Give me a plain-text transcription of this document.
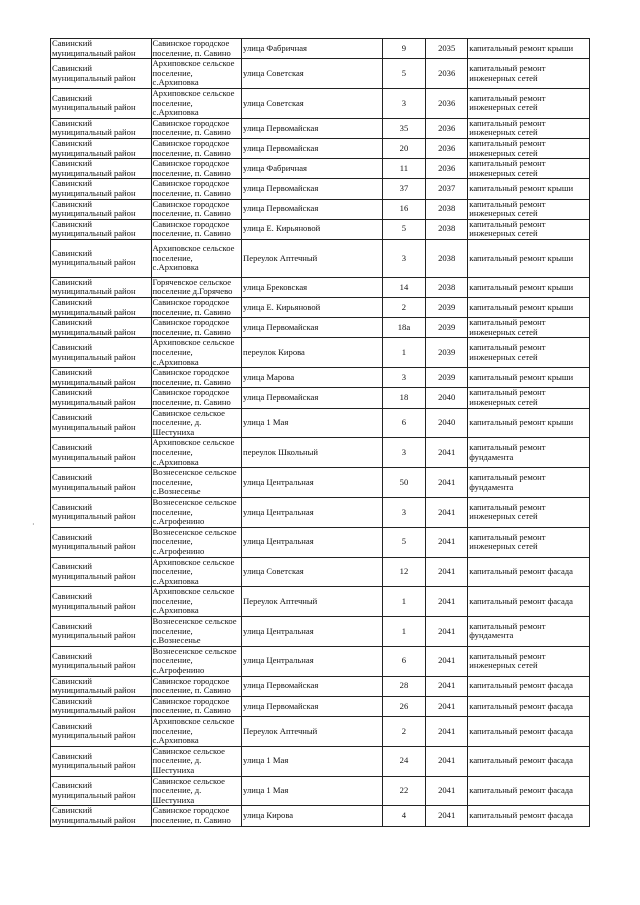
Савинский муниципальный район	Савинское городское поселение, п. Савино	улица Фабричная	9	2035	капитальный ремонт крыши
Савинский муниципальный район	Архиповское сельское поселение, с.Архиповка	улица Советская	5	2036	капитальный ремонт инженерных сетей
Савинский муниципальный район	Архиповское сельское поселение, с.Архиповка	улица Советская	3	2036	капитальный ремонт инженерных сетей
Савинский муниципальный район	Савинское городское поселение, п. Савино	улица Первомайская	35	2036	капитальный ремонт инженерных сетей
Савинский муниципальный район	Савинское городское поселение, п. Савино	улица Первомайская	20	2036	капитальный ремонт инженерных сетей
Савинский муниципальный район	Савинское городское поселение, п. Савино	улица Фабричная	11	2036	капитальный ремонт инженерных сетей
Савинский муниципальный район	Савинское городское поселение, п. Савино	улица Первомайская	37	2037	капитальный ремонт крыши
Савинский муниципальный район	Савинское городское поселение, п. Савино	улица Первомайская	16	2038	капитальный ремонт инженерных сетей
Савинский муниципальный район	Савинское городское поселение, п. Савино	улица Е. Кирьяновой	5	2038	капитальный ремонт инженерных сетей
Савинский муниципальный район	Архиповское сельское поселение, с.Архиповка	Переулок Аптечный	3	2038	капитальный ремонт крыши
Савинский муниципальный район	Горячевское сельское поселение д.Горячево	улица Брековская	14	2038	капитальный ремонт крыши
Савинский муниципальный район	Савинское городское поселение, п. Савино	улица Е. Кирьяновой	2	2039	капитальный ремонт крыши
Савинский муниципальный район	Савинское городское поселение, п. Савино	улица Первомайская	18а	2039	капитальный ремонт инженерных сетей
Савинский муниципальный район	Архиповское сельское поселение, с.Архиповка	переулок Кирова	1	2039	капитальный ремонт инженерных сетей
Савинский муниципальный район	Савинское городское поселение, п. Савино	улица Марова	3	2039	капитальный ремонт крыши
Савинский муниципальный район	Савинское городское поселение, п. Савино	улица Первомайская	18	2040	капитальный ремонт инженерных сетей
Савинский муниципальный район	Савинское сельское поселение, д. Шестуниха	улица 1 Мая	6	2040	капитальный ремонт крыши
Савинский муниципальный район	Архиповское сельское поселение, с.Архиповка	переулок Школьный	3	2041	капитальный ремонт фундамента
Савинский муниципальный район	Вознесенское сельское поселение, с.Вознесенье	улица Центральная	50	2041	капитальный ремонт фундамента
Савинский муниципальный район	Вознесенское сельское поселение, с.Агрофенино	улица Центральная	3	2041	капитальный ремонт инженерных сетей
Савинский муниципальный район	Вознесенское сельское поселение, с.Агрофенино	улица Центральная	5	2041	капитальный ремонт инженерных сетей
Савинский муниципальный район	Архиповское сельское поселение, с.Архиповка	улица Советская	12	2041	капитальный ремонт фасада
Савинский муниципальный район	Архиповское сельское поселение, с.Архиповка	Переулок Аптечный	1	2041	капитальный ремонт фасада
Савинский муниципальный район	Вознесенское сельское поселение, с.Вознесенье	улица Центральная	1	2041	капитальный ремонт фундамента
Савинский муниципальный район	Вознесенское сельское поселение, с.Агрофенино	улица Центральная	6	2041	капитальный ремонт инженерных сетей
Савинский муниципальный район	Савинское городское поселение, п. Савино	улица Первомайская	28	2041	капитальный ремонт фасада
Савинский муниципальный район	Савинское городское поселение, п. Савино	улица Первомайская	26	2041	капитальный ремонт фасада
Савинский муниципальный район	Архиповское сельское поселение, с.Архиповка	Переулок Аптечный	2	2041	капитальный ремонт фасада
Савинский муниципальный район	Савинское сельское поселение, д. Шестуниха	улица 1 Мая	24	2041	капитальный ремонт фасада
Савинский муниципальный район	Савинское сельское поселение, д. Шестуниха	улица 1 Мая	22	2041	капитальный ремонт фасада
Савинский муниципальный район	Савинское городское поселение, п. Савино	улица Кирова	4	2041	капитальный ремонт фасада
·
